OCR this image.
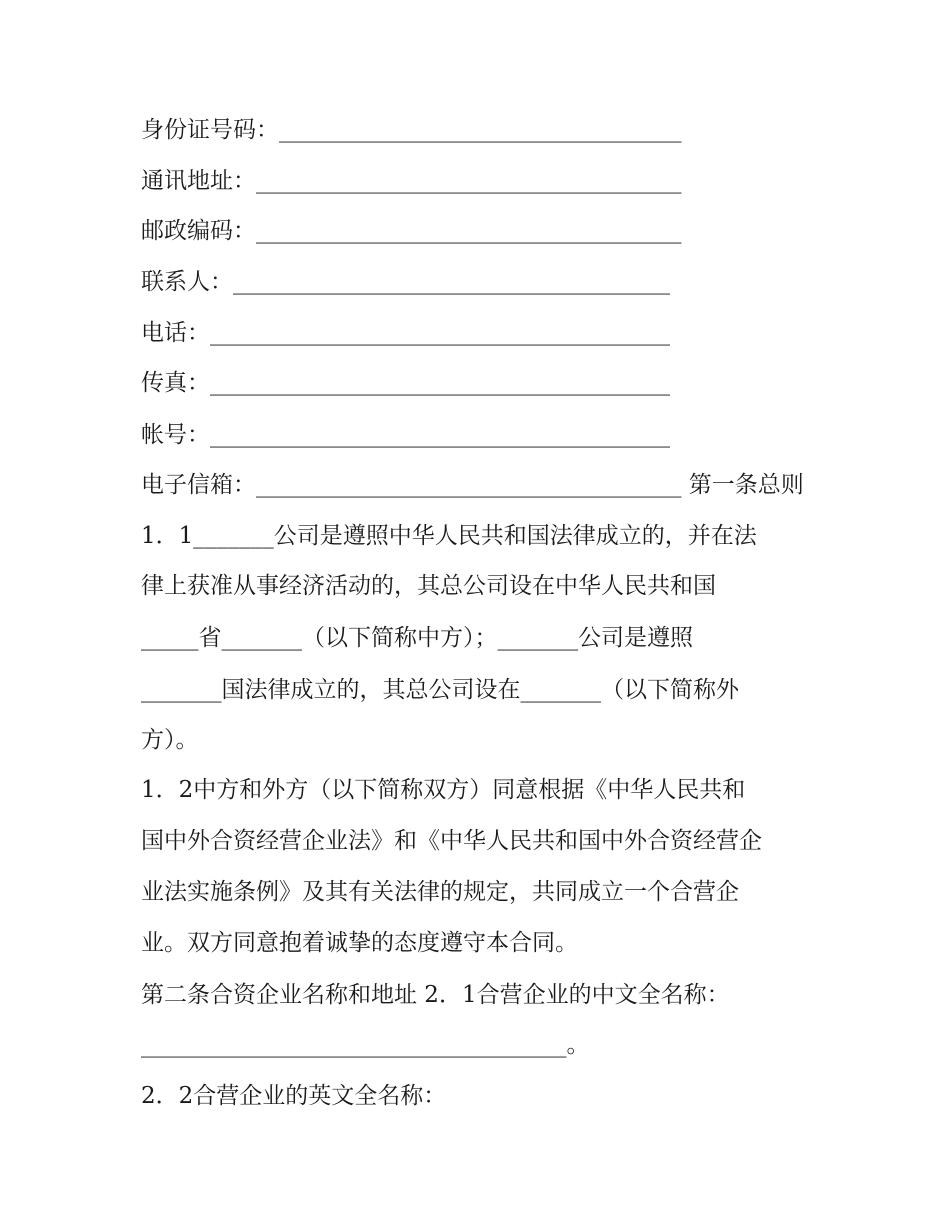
身份证号码：___________________________________

通讯地址：_____________________________________

邮政编码：_____________________________________

联系人：______________________________________

电话：________________________________________

传真：________________________________________

帐号：________________________________________

电子信箱：_____________________________________ 第一条总则

1．1_______公司是遵照中华人民共和国法律成立的，并在法

律上获准从事经济活动的，其总公司设在中华人民共和国

_____省_______（以下简称中方）；_______公司是遵照

_______国法律成立的，其总公司设在_______（以下简称外

方）。

1．2中方和外方（以下简称双方）同意根据《中华人民共和

国中外合资经营企业法》和《中华人民共和国中外合资经营企

业法实施条例》及其有关法律的规定，共同成立一个合营企

业。双方同意抱着诚挚的态度遵守本合同。

第二条合资企业名称和地址 2．1合营企业的中文全名称：

_____________________________________。

2．2合营企业的英文全名称：
